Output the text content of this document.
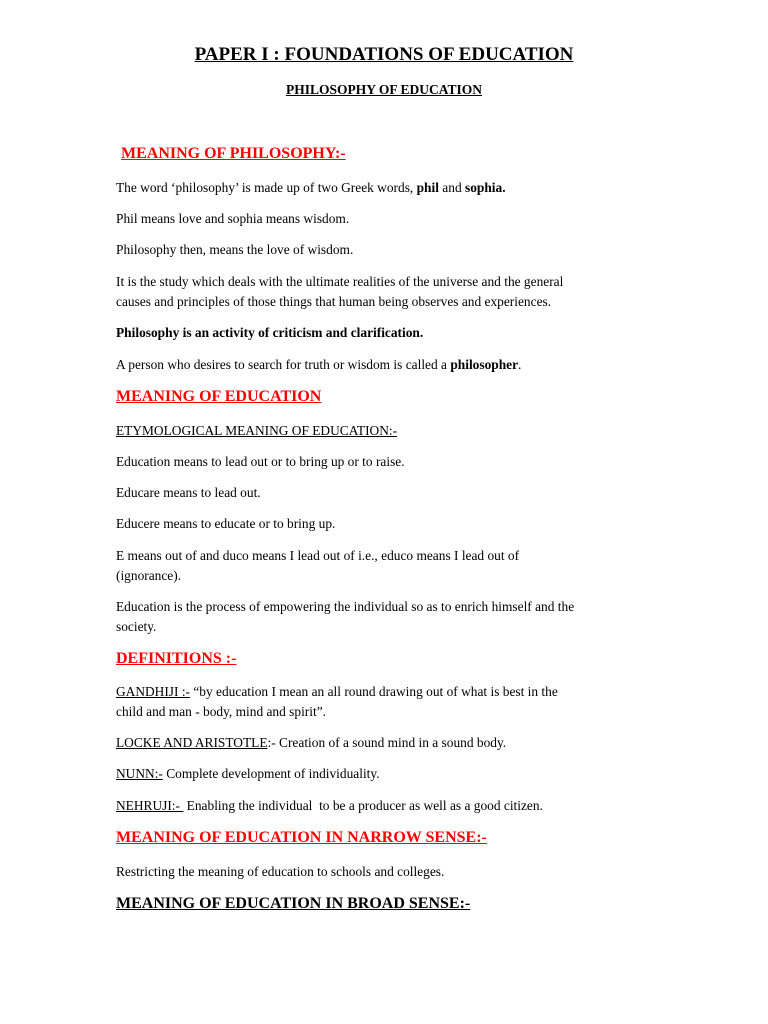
PAPER I : FOUNDATIONS OF EDUCATION

PHILOSOPHY OF EDUCATION

MEANING OF PHILOSOPHY:-

The word ‘philosophy’ is made up of two Greek words, phil and sophia.

Phil means love and sophia means wisdom.

Philosophy then, means the love of wisdom.

It is the study which deals with the ultimate realities of the universe and the general

causes and principles of those things that human being observes and experiences.

Philosophy is an activity of criticism and clarification.

A person who desires to search for truth or wisdom is called a philosopher.

MEANING OF EDUCATION

ETYMOLOGICAL MEANING OF EDUCATION:-

Education means to lead out or to bring up or to raise.

Educare means to lead out.

Educere means to educate or to bring up.

E means out of and duco means I lead out of i.e., educo means I lead out of

(ignorance).

Education is the process of empowering the individual so as to enrich himself and the

society.

DEFINITIONS :-

GANDHIJI :- “by education I mean an all round drawing out of what is best in the

child and man - body, mind and spirit”.

LOCKE AND ARISTOTLE:- Creation of a sound mind in a sound body.

NUNN:- Complete development of individuality.

NEHRUJI:-  Enabling the individual  to be a producer as well as a good citizen.

MEANING OF EDUCATION IN NARROW SENSE:-

Restricting the meaning of education to schools and colleges.

MEANING OF EDUCATION IN BROAD SENSE:-
